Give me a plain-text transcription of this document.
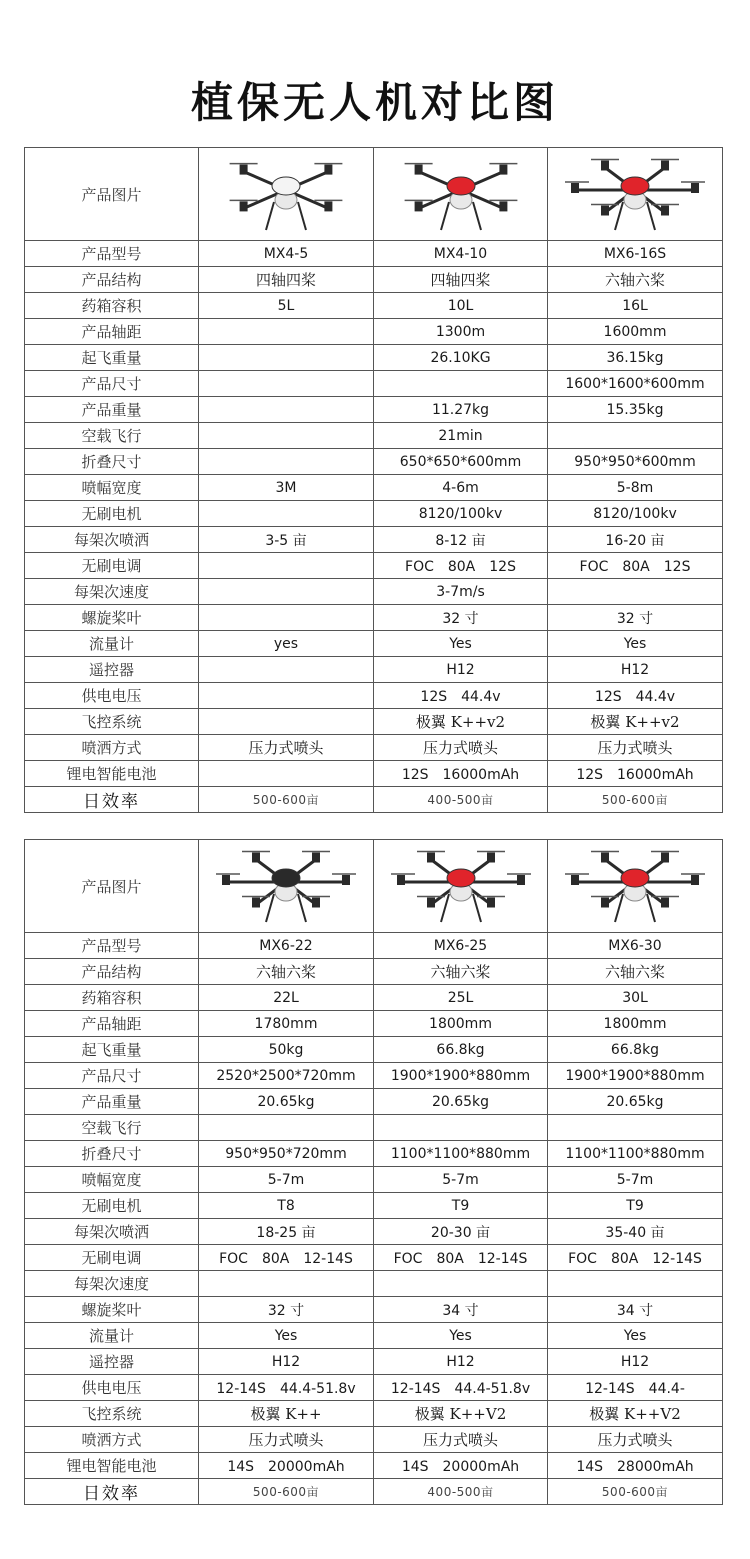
植保无人机对比图
产品图片	

产品型号	MX4-5	MX4-10	MX6-16S
产品结构	四轴四桨	四轴四桨	六轴六桨
药箱容积	5L	10L	16L
产品轴距		1300m	1600mm
起飞重量		26.10KG	36.15kg
产品尺寸			1600*1600*600mm
产品重量		11.27kg	15.35kg
空载飞行		21min	
折叠尺寸		650*650*600mm	950*950*600mm
喷幅宽度	3M	4-6m	5-8m
无刷电机		8120/100kv	8120/100kv
每架次喷洒	3-5 亩	8-12 亩	16-20 亩
无刷电调		FOC　80A　12S	FOC　80A　12S
每架次速度		3-7m/s	
螺旋桨叶		32 寸	32 寸
流量计	yes	Yes	Yes
遥控器		H12	H12
供电电压		12S　44.4v	12S　44.4v
飞控系统		极翼 K++v2	极翼 K++v2
喷洒方式	压力式喷头	压力式喷头	压力式喷头
锂电智能电池		12S　16000mAh	12S　16000mAh
日效率	500-600亩	400-500亩	500-600亩
产品图片	

产品型号	MX6-22	MX6-25	MX6-30
产品结构	六轴六桨	六轴六桨	六轴六桨
药箱容积	22L	25L	30L
产品轴距	1780mm	1800mm	1800mm
起飞重量	50kg	66.8kg	66.8kg
产品尺寸	2520*2500*720mm	1900*1900*880mm	1900*1900*880mm
产品重量	20.65kg	20.65kg	20.65kg
空载飞行			
折叠尺寸	950*950*720mm	1100*1100*880mm	1100*1100*880mm
喷幅宽度	5-7m	5-7m	5-7m
无刷电机	T8	T9	T9
每架次喷洒	18-25 亩	20-30 亩	35-40 亩
无刷电调	FOC　80A　12-14S	FOC　80A　12-14S	FOC　80A　12-14S
每架次速度			
螺旋桨叶	32 寸	34 寸	34 寸
流量计	Yes	Yes	Yes
遥控器	H12	H12	H12
供电电压	12-14S　44.4-51.8v	12-14S　44.4-51.8v	12-14S　44.4-
飞控系统	极翼 K++	极翼 K++V2	极翼 K++V2
喷洒方式	压力式喷头	压力式喷头	压力式喷头
锂电智能电池	14S　20000mAh	14S　20000mAh	14S　28000mAh
日效率	500-600亩	400-500亩	500-600亩
